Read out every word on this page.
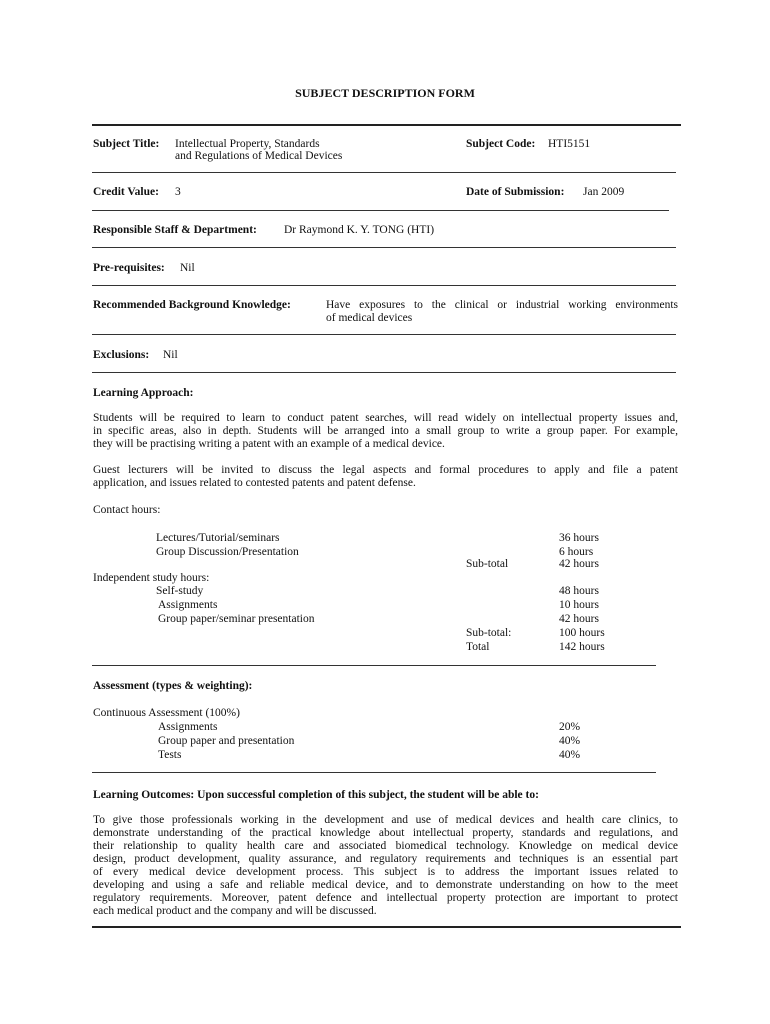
SUBJECT DESCRIPTION FORM
Subject Title: Intellectual Property, Standards
and Regulations of Medical Devices
Subject Code: HTI5151
Credit Value: 3	Date of Submission: Jan 2009
Responsible Staff & Department: Dr Raymond K. Y. TONG (HTI)
Pre-requisites: Nil
Recommended Background Knowledge:	Have exposures to the clinical or industrial working environments
of medical devices
Exclusions: Nil
Learning Approach:
Students will be required to learn to conduct patent searches, will read widely on intellectual property issues and,
in specific areas, also in depth. Students will be arranged into a small group to write a group paper. For example,
they will be practising writing a patent with an example of a medical device.
Guest lecturers will be invited to discuss the legal aspects and formal procedures to apply and file a patent
application, and issues related to contested patents and patent defense.
Contact hours:
Lectures/Tutorial/seminars	36 hours
Group Discussion/Presentation	6 hours
Sub-total	42 hours
Independent study hours:
Self-study	48 hours
Assignments	10 hours
Group paper/seminar presentation	42 hours
Sub-total:	100 hours
Total	142 hours
Assessment (types & weighting):
Continuous Assessment (100%)
Assignments	20%
Group paper and presentation	40%
Tests	40%
Learning Outcomes: Upon successful completion of this subject, the student will be able to:
To give those professionals working in the development and use of medical devices and health care clinics, to
demonstrate understanding of the practical knowledge about intellectual property, standards and regulations, and
their relationship to quality health care and associated biomedical technology. Knowledge on medical device
design, product development, quality assurance, and regulatory requirements and techniques is an essential part
of every medical device development process. This subject is to address the important issues related to
developing and using a safe and reliable medical device, and to demonstrate understanding on how to the meet
regulatory requirements. Moreover, patent defence and intellectual property protection are important to protect
each medical product and the company and will be discussed.
